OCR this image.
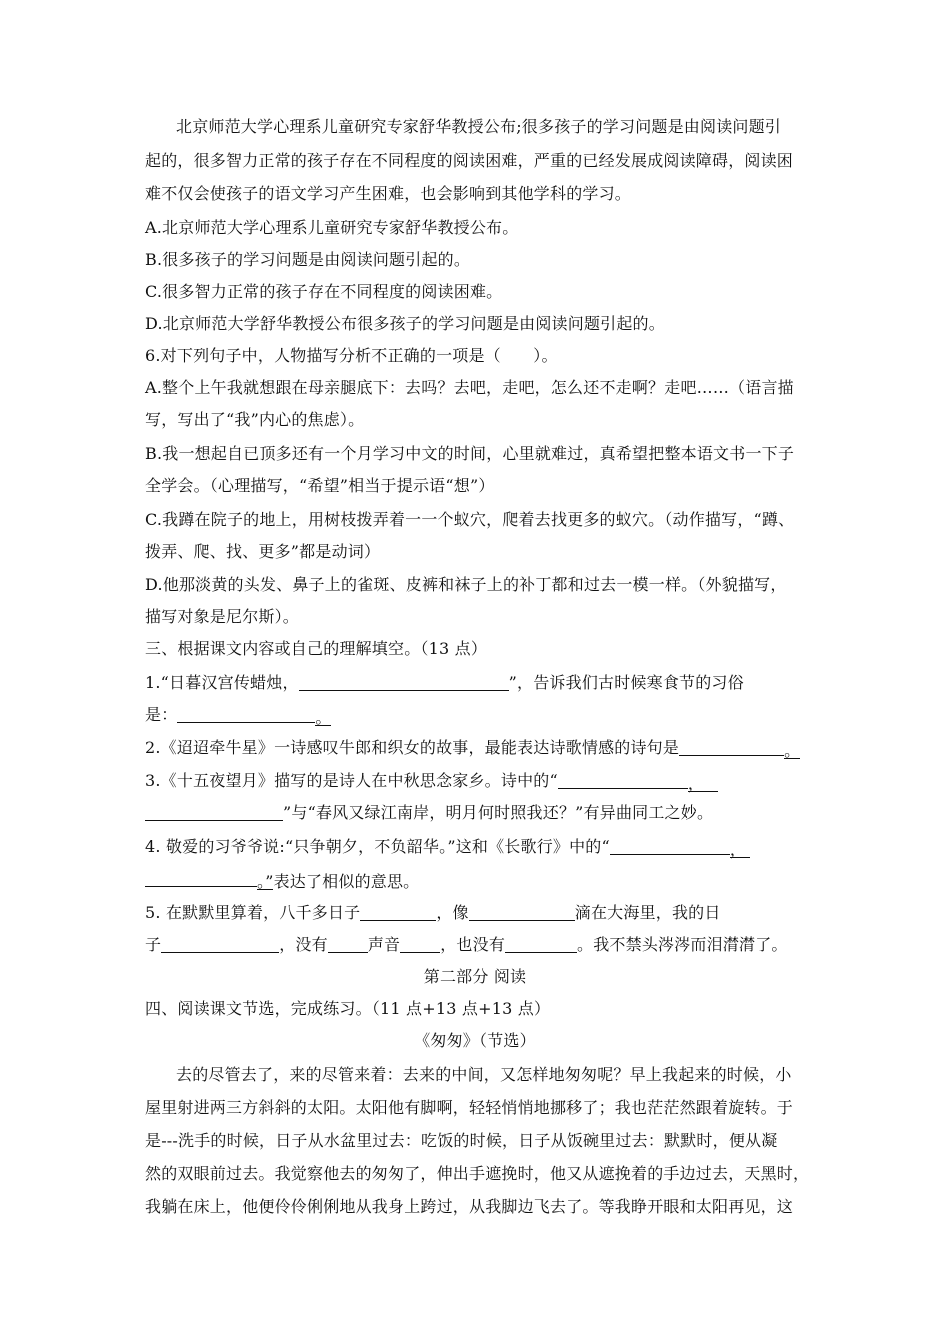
北京师范大学心理系儿童研究专家舒华教授公布;很多孩子的学习问题是由阅读问题引
起的，很多智力正常的孩子存在不同程度的阅读困难，严重的已经发展成阅读障碍，阅读困
难不仅会使孩子的语文学习产生困难，也会影响到其他学科的学习。
A.北京师范大学心理系儿童研究专家舒华教授公布。
B.很多孩子的学习问题是由阅读问题引起的。
C.很多智力正常的孩子存在不同程度的阅读困难。
D.北京师范大学舒华教授公布很多孩子的学习问题是由阅读问题引起的。
6.对下列句子中，人物描写分析不正确的一项是（　　）。
A.整个上午我就想跟在母亲腿底下：去吗？去吧，走吧，怎么还不走啊？走吧……（语言描
写，写出了“我”内心的焦虑）。
B.我一想起自已顶多还有一个月学习中文的时间，心里就难过，真希望把整本语文书一下子
全学会。（心理描写，“希望”相当于提示语“想”）
C.我蹲在院子的地上，用树枝拨弄着一一个蚁穴，爬着去找更多的蚁穴。（动作描写，“蹲、
拨弄、爬、找、更多”都是动词）
D.他那淡黄的头发、鼻子上的雀斑、皮裤和袜子上的补丁都和过去一模一样。（外貌描写，
描写对象是尼尔斯）。
三、根据课文内容或自己的理解填空。（13 点）
1.“日暮汉宫传蜡烛，	”，告诉我们古时候寒食节的习俗
是：	。
2.《迢迢牵牛星》一诗感叹牛郎和织女的故事，最能表达诗歌情感的诗句是	。
3.《十五夜望月》描写的是诗人在中秋思念家乡。诗中的“	，
”与“春风又绿江南岸，明月何时照我还？”有异曲同工之妙。
4. 敬爱的习爷爷说:“只争朝夕，不负韶华。”这和《长歌行》中的“	，
。”表达了相似的意思。
5. 在默默里算着，八千多日子	，像	滴在大海里，我的日
子	，没有	声音	，也没有	。我不禁头涔涔而泪潸潸了。
第二部分 阅读
四、阅读课文节选，完成练习。（11 点+13 点+13 点）
《匆匆》（节选）
去的尽管去了，来的尽管来着：去来的中间，又怎样地匆匆呢？早上我起来的时候，小
屋里射进两三方斜斜的太阳。太阳他有脚啊，轻轻悄悄地挪移了；我也茫茫然跟着旋转。于
是---洗手的时候，日子从水盆里过去：吃饭的时候，日子从饭碗里过去：默默时，便从凝
然的双眼前过去。我觉察他去的匆匆了，伸出手遮挽时，他又从遮挽着的手边过去，天黑时，
我躺在床上，他便伶伶俐俐地从我身上跨过，从我脚边飞去了。等我睁开眼和太阳再见，这
